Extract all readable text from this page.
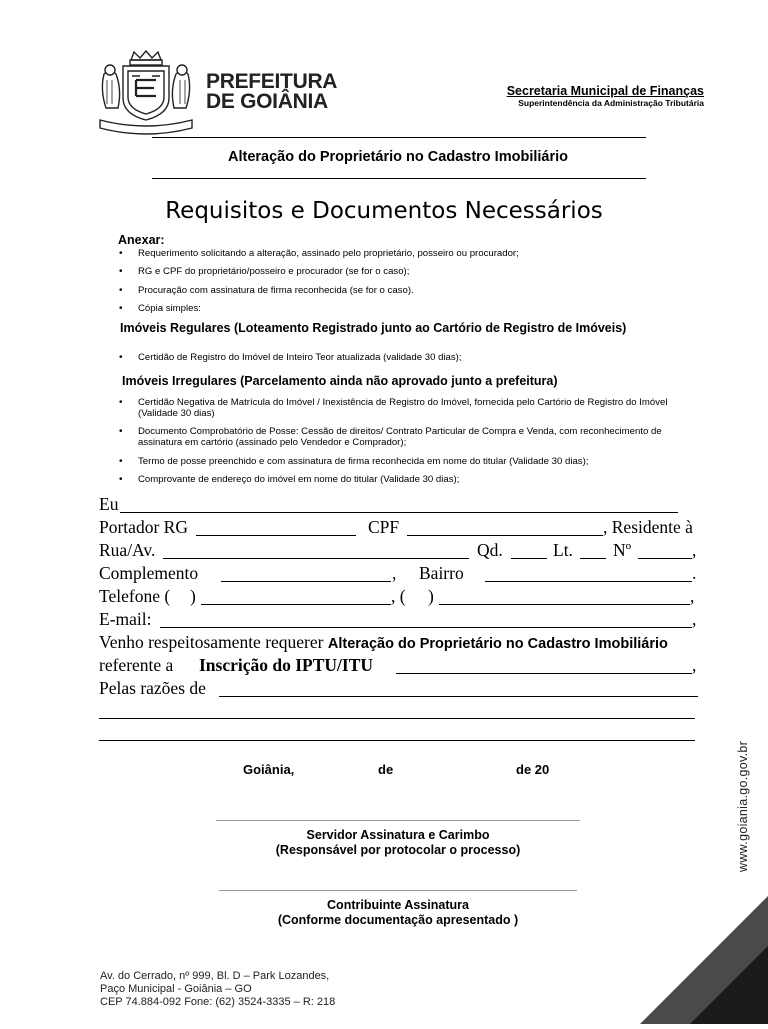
PREFEITURA
DE GOIÂNIA	Secretaria Municipal de Finanças
Superintendência da Administração Tributária
Alteração do Proprietário no Cadastro Imobiliário
Requisitos e Documentos Necessários
Anexar:
• Requerimento solicitando a alteração, assinado pelo proprietário, posseiro ou procurador;
• RG e CPF do proprietário/posseiro e procurador (se for o caso);
• Procuração com assinatura de firma reconhecida (se for o caso).
• Cópia simples:
Imóveis Regulares (Loteamento Registrado junto ao Cartório de Registro de Imóveis)
• Certidão de Registro do Imóvel de Inteiro Teor atualizada (validade 30 dias);
Imóveis Irregulares (Parcelamento ainda não aprovado junto a prefeitura)
• Certidão Negativa de Matrícula do Imóvel / Inexistência de Registro do Imóvel, fornecida pelo Cartório de Registro do Imóvel (Validade 30 dias)
• Documento Comprobatório de Posse: Cessão de direitos/ Contrato Particular de Compra e Venda, com reconhecimento de assinatura em cartório (assinado pelo Vendedor e Comprador);
• Termo de posse preenchido e com assinatura de firma reconhecida em nome do titular (Validade 30 dias);
• Comprovante de endereço do imóvel em nome do titular (Validade 30 dias);
Eu
Portador RG	CPF	, Residente à
Rua/Av.	Qd.	Lt. Nº	,
Complemento	, Bairro	.
Telefone ( )	, ( )	,
E-mail:	,
Venho respeitosamente requerer Alteração do Proprietário no Cadastro Imobiliário
referente a Inscrição do IPTU/ITU	,
Pelas razões de
Goiânia,	de	de 20
Servidor Assinatura e Carimbo
(Responsável por protocolar o processo)
Contribuinte Assinatura
(Conforme documentação apresentado )
Av. do Cerrado, nº 999, Bl. D – Park Lozandes,
Paço Municipal - Goiânia – GO
CEP 74.884-092 Fone: (62) 3524-3335 – R: 218
www.goiania.go.gov.br
